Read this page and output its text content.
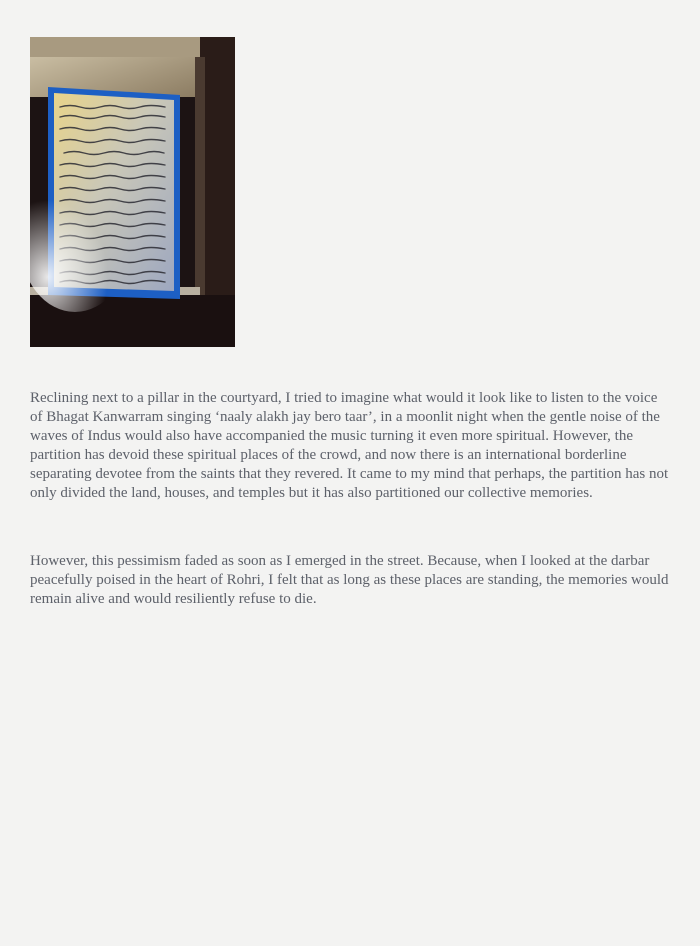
Reclining next to a pillar in the courtyard, I tried to imagine what would it look like to listen to the voice of Bhagat Kanwarram singing ‘naaly alakh jay bero taar’, in a moonlit night when the gentle noise of the waves of Indus would also have accompanied the music turning it even more spiritual. However, the partition has devoid these spiritual places of the crowd, and now there is an international borderline separating devotee from the saints that they revered. It came to my mind that perhaps, the partition has not only divided the land, houses, and temples but it has also partitioned our collective memories.

However, this pessimism faded as soon as I emerged in the street. Because, when I looked at the darbar peacefully poised in the heart of Rohri, I felt that as long as these places are standing, the memories would remain alive and would resiliently refuse to die.
